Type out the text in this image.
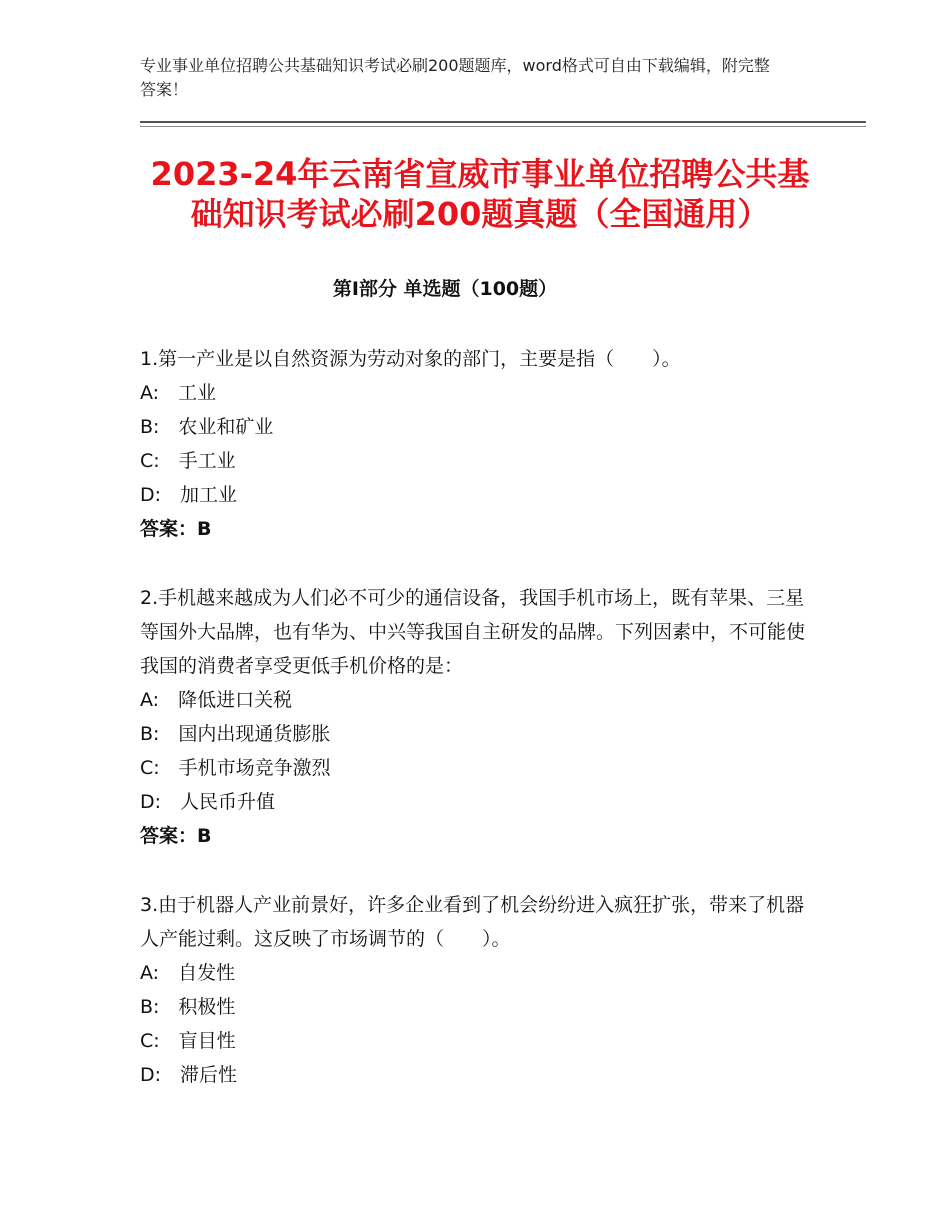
专业事业单位招聘公共基础知识考试必刷200题题库，word格式可自由下载编辑，附完整答案！
2023-24年云南省宣威市事业单位招聘公共基础知识考试必刷200题真题（全国通用）
第Ⅰ部分 单选题（100题）
1.第一产业是以自然资源为劳动对象的部门，主要是指（　　）。
A:　工业
B:　农业和矿业
C:　手工业
D:　加工业
答案：B
2.手机越来越成为人们必不可少的通信设备，我国手机市场上，既有苹果、三星等国外大品牌，也有华为、中兴等我国自主研发的品牌。下列因素中，不可能使我国的消费者享受更低手机价格的是：
A:　降低进口关税
B:　国内出现通货膨胀
C:　手机市场竞争激烈
D:　人民币升值
答案：B
3.由于机器人产业前景好，许多企业看到了机会纷纷进入疯狂扩张，带来了机器人产能过剩。这反映了市场调节的（　　）。
A:　自发性
B:　积极性
C:　盲目性
D:　滞后性
